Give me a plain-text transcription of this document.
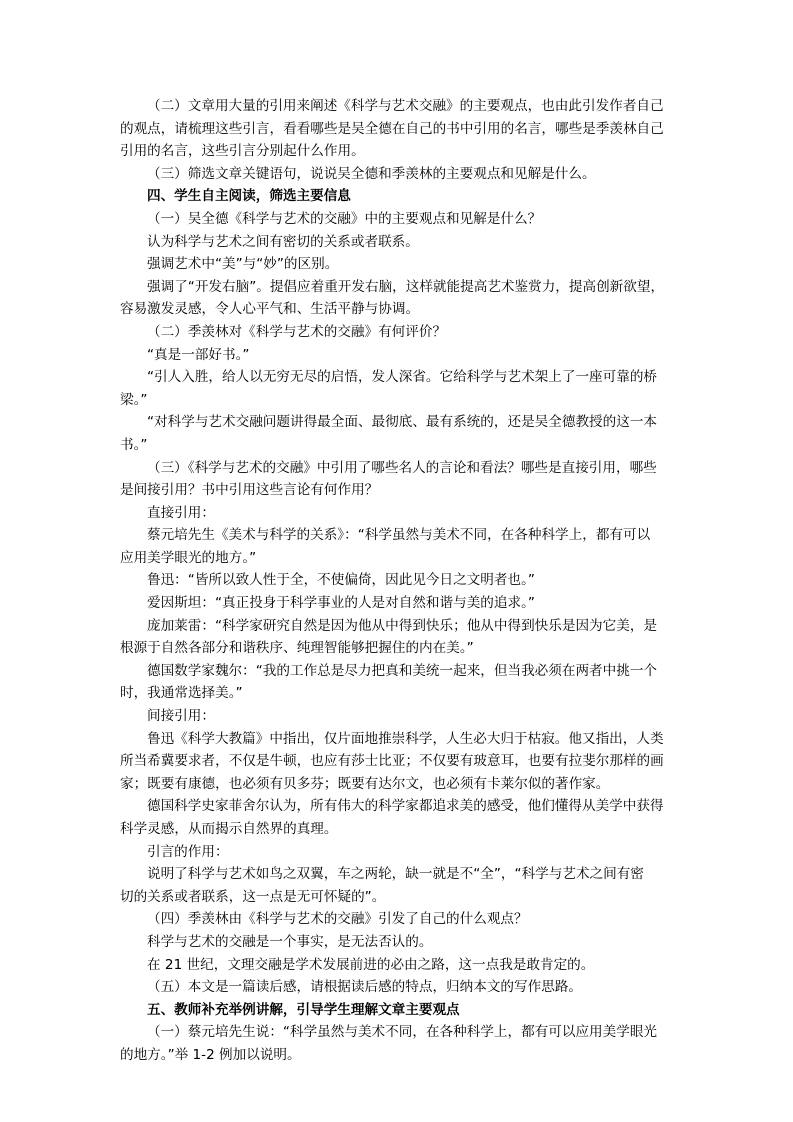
（二）文章用大量的引用来阐述《科学与艺术交融》的主要观点，也由此引发作者自己
的观点，请梳理这些引言，看看哪些是吴全德在自己的书中引用的名言，哪些是季羡林自己
引用的名言，这些引言分别起什么作用。
（三）筛选文章关键语句，说说吴全德和季羡林的主要观点和见解是什么。
四、学生自主阅读，筛选主要信息
（一）吴全德《科学与艺术的交融》中的主要观点和见解是什么？
认为科学与艺术之间有密切的关系或者联系。
强调艺术中“美”与“妙”的区别。
强调了“开发右脑”。提倡应着重开发右脑，这样就能提高艺术鉴赏力，提高创新欲望，
容易激发灵感，令人心平气和、生活平静与协调。
（二）季羡林对《科学与艺术的交融》有何评价？
“真是一部好书。”
“引人入胜，给人以无穷无尽的启悟，发人深省。它给科学与艺术架上了一座可靠的桥
梁。”
“对科学与艺术交融问题讲得最全面、最彻底、最有系统的，还是吴全德教授的这一本
书。”
（三）《科学与艺术的交融》中引用了哪些名人的言论和看法？哪些是直接引用，哪些
是间接引用？书中引用这些言论有何作用？
直接引用：
蔡元培先生《美术与科学的关系》：“科学虽然与美术不同，在各种科学上，都有可以
应用美学眼光的地方。”
鲁迅：“皆所以致人性于全，不使偏倚，因此见今日之文明者也。”
爱因斯坦：“真正投身于科学事业的人是对自然和谐与美的追求。”
庞加莱雷：“科学家研究自然是因为他从中得到快乐；他从中得到快乐是因为它美，是
根源于自然各部分和谐秩序、纯理智能够把握住的内在美。”
德国数学家魏尔：“我的工作总是尽力把真和美统一起来，但当我必须在两者中挑一个
时，我通常选择美。”
间接引用：
鲁迅《科学大教篇》中指出，仅片面地推崇科学，人生必大归于枯寂。他又指出，人类
所当希冀要求者，不仅是牛顿，也应有莎士比亚；不仅要有玻意耳，也要有拉斐尔那样的画
家；既要有康德，也必须有贝多芬；既要有达尔文，也必须有卡莱尔似的著作家。
德国科学史家菲舍尔认为，所有伟大的科学家都追求美的感受，他们懂得从美学中获得
科学灵感，从而揭示自然界的真理。
引言的作用：
说明了科学与艺术如鸟之双翼，车之两轮，缺一就是不“全”，“科学与艺术之间有密
切的关系或者联系，这一点是无可怀疑的”。
（四）季羡林由《科学与艺术的交融》引发了自己的什么观点？
科学与艺术的交融是一个事实，是无法否认的。
在 21 世纪，文理交融是学术发展前进的必由之路，这一点我是敢肯定的。
（五）本文是一篇读后感，请根据读后感的特点，归纳本文的写作思路。
五、教师补充举例讲解，引导学生理解文章主要观点
（一）蔡元培先生说：“科学虽然与美术不同，在各种科学上，都有可以应用美学眼光
的地方。”举 1-2 例加以说明。
